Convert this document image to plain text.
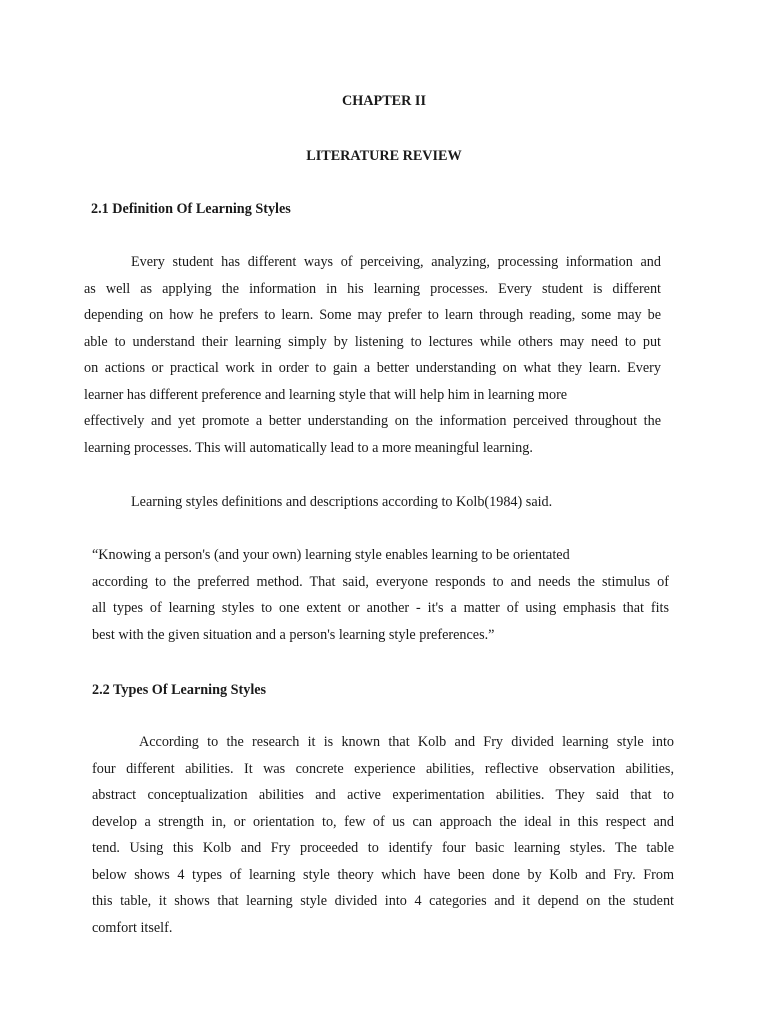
CHAPTER II
LITERATURE REVIEW
2.1 Definition Of Learning Styles
Every student has different ways of perceiving, analyzing, processing information and
as well as applying the information in his learning processes. Every student is different
depending on how he prefers to learn. Some may prefer to learn through reading, some may be
able to understand their learning simply by listening to lectures while others may need to put
on actions or practical work in order to gain a better understanding on what they learn. Every
learner has different preference and learning style that will help him in learning more
effectively and yet promote a better understanding on the information perceived throughout the
learning processes. This will automatically lead to a more meaningful learning.
Learning styles definitions and descriptions according to Kolb(1984) said.
“Knowing a person's (and your own) learning style enables learning to be orientated
according to the preferred method. That said, everyone responds to and needs the stimulus of
all types of learning styles to one extent or another - it's a matter of using emphasis that fits
best with the given situation and a person's learning style preferences.”
2.2 Types Of Learning Styles
According to the research it is known that Kolb and Fry divided learning style into
four different abilities. It was concrete experience abilities, reflective observation abilities,
abstract conceptualization abilities and active experimentation abilities. They said that to
develop a strength in, or orientation to, few of us can approach the ideal in this respect and
tend. Using this Kolb and Fry proceeded to identify four basic learning styles. The table
below shows 4 types of learning style theory which have been done by Kolb and Fry. From
this table, it shows that learning style divided into 4 categories and it depend on the student
comfort itself.
